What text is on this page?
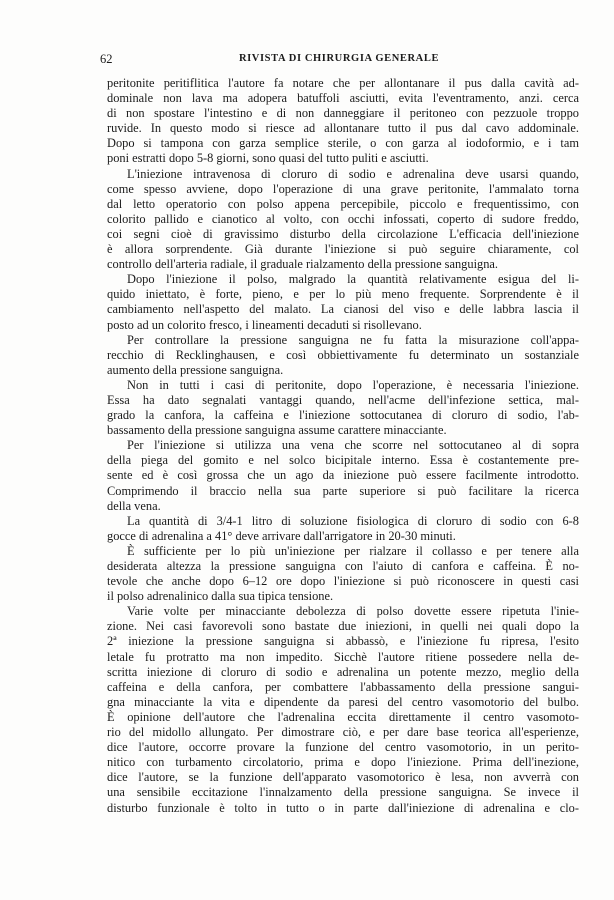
62	RIVISTA DI CHIRURGIA GENERALE
peritonite peritiflitica l'autore fa notare che per allontanare il pus dalla cavità ad-
dominale non lava ma adopera batuffoli asciutti, evita l'eventramento, anzi. cerca
di non spostare l'intestino e di non danneggiare il peritoneo con pezzuole troppo
ruvide. In questo modo si riesce ad allontanare tutto il pus dal cavo addominale.
Dopo si tampona con garza semplice sterile, o con garza al iodoformio, e i tam
poni estratti dopo 5-8 giorni, sono quasi del tutto puliti e asciutti.
L'iniezione intravenosa di cloruro di sodio e adrenalina deve usarsi quando,
come spesso avviene, dopo l'operazione di una grave peritonite, l'ammalato torna
dal letto operatorio con polso appena percepibile, piccolo e frequentissimo, con
colorito pallido e cianotico al volto, con occhi infossati, coperto di sudore freddo,
coi segni cioè di gravissimo disturbo della circolazione L'efficacia dell'iniezione
è allora sorprendente. Già durante l'iniezione si può seguire chiaramente, col
controllo dell'arteria radiale, il graduale rialzamento della pressione sanguigna.
Dopo l'iniezione il polso, malgrado la quantità relativamente esigua del li-
quido iniettato, è forte, pieno, e per lo più meno frequente. Sorprendente è il
cambiamento nell'aspetto del malato. La cianosi del viso e delle labbra lascia il
posto ad un colorito fresco, i lineamenti decaduti si risollevano.
Per controllare la pressione sanguigna ne fu fatta la misurazione coll'appa-
recchio di Recklinghausen, e così obbiettivamente fu determinato un sostanziale
aumento della pressione sanguigna.
Non in tutti i casi di peritonite, dopo l'operazione, è necessaria l'iniezione.
Essa ha dato segnalati vantaggi quando, nell'acme dell'infezione settica, mal-
grado la canfora, la caffeina e l'iniezione sottocutanea di cloruro di sodio, l'ab-
bassamento della pressione sanguigna assume carattere minacciante.
Per l'iniezione si utilizza una vena che scorre nel sottocutaneo al di sopra
della piega del gomito e nel solco bicipitale interno. Essa è costantemente pre-
sente ed è così grossa che un ago da iniezione può essere facilmente introdotto.
Comprimendo il braccio nella sua parte superiore si può facilitare la ricerca
della vena.
La quantità di 3/4-1 litro di soluzione fisiologica di cloruro di sodio con 6-8
gocce di adrenalina a 41° deve arrivare dall'arrigatore in 20-30 minuti.
È sufficiente per lo più un'iniezione per rialzare il collasso e per tenere alla
desiderata altezza la pressione sanguigna con l'aiuto di canfora e caffeina. È no-
tevole che anche dopo 6–12 ore dopo l'iniezione si può riconoscere in questi casi
il polso adrenalinico dalla sua tipica tensione.
Varie volte per minacciante debolezza di polso dovette essere ripetuta l'inie-
zione. Nei casi favorevoli sono bastate due iniezioni, in quelli nei quali dopo la
2ª iniezione la pressione sanguigna si abbassò, e l'iniezione fu ripresa, l'esito
letale fu protratto ma non impedito. Sicchè l'autore ritiene possedere nella de-
scritta iniezione di cloruro di sodio e adrenalina un potente mezzo, meglio della
caffeina e della canfora, per combattere l'abbassamento della pressione sangui-
gna minacciante la vita e dipendente da paresi del centro vasomotorio del bulbo.
È opinione dell'autore che l'adrenalina eccita direttamente il centro vasomoto-
rio del midollo allungato. Per dimostrare ciò, e per dare base teorica all'esperienze,
dice l'autore, occorre provare la funzione del centro vasomotorio, in un perito-
nitico con turbamento circolatorio, prima e dopo l'iniezione. Prima dell'inezione,
dice l'autore, se la funzione dell'apparato vasomotorico è lesa, non avverrà con
una sensibile eccitazione l'innalzamento della pressione sanguigna. Se invece il
disturbo funzionale è tolto in tutto o in parte dall'iniezione di adrenalina e clo-
